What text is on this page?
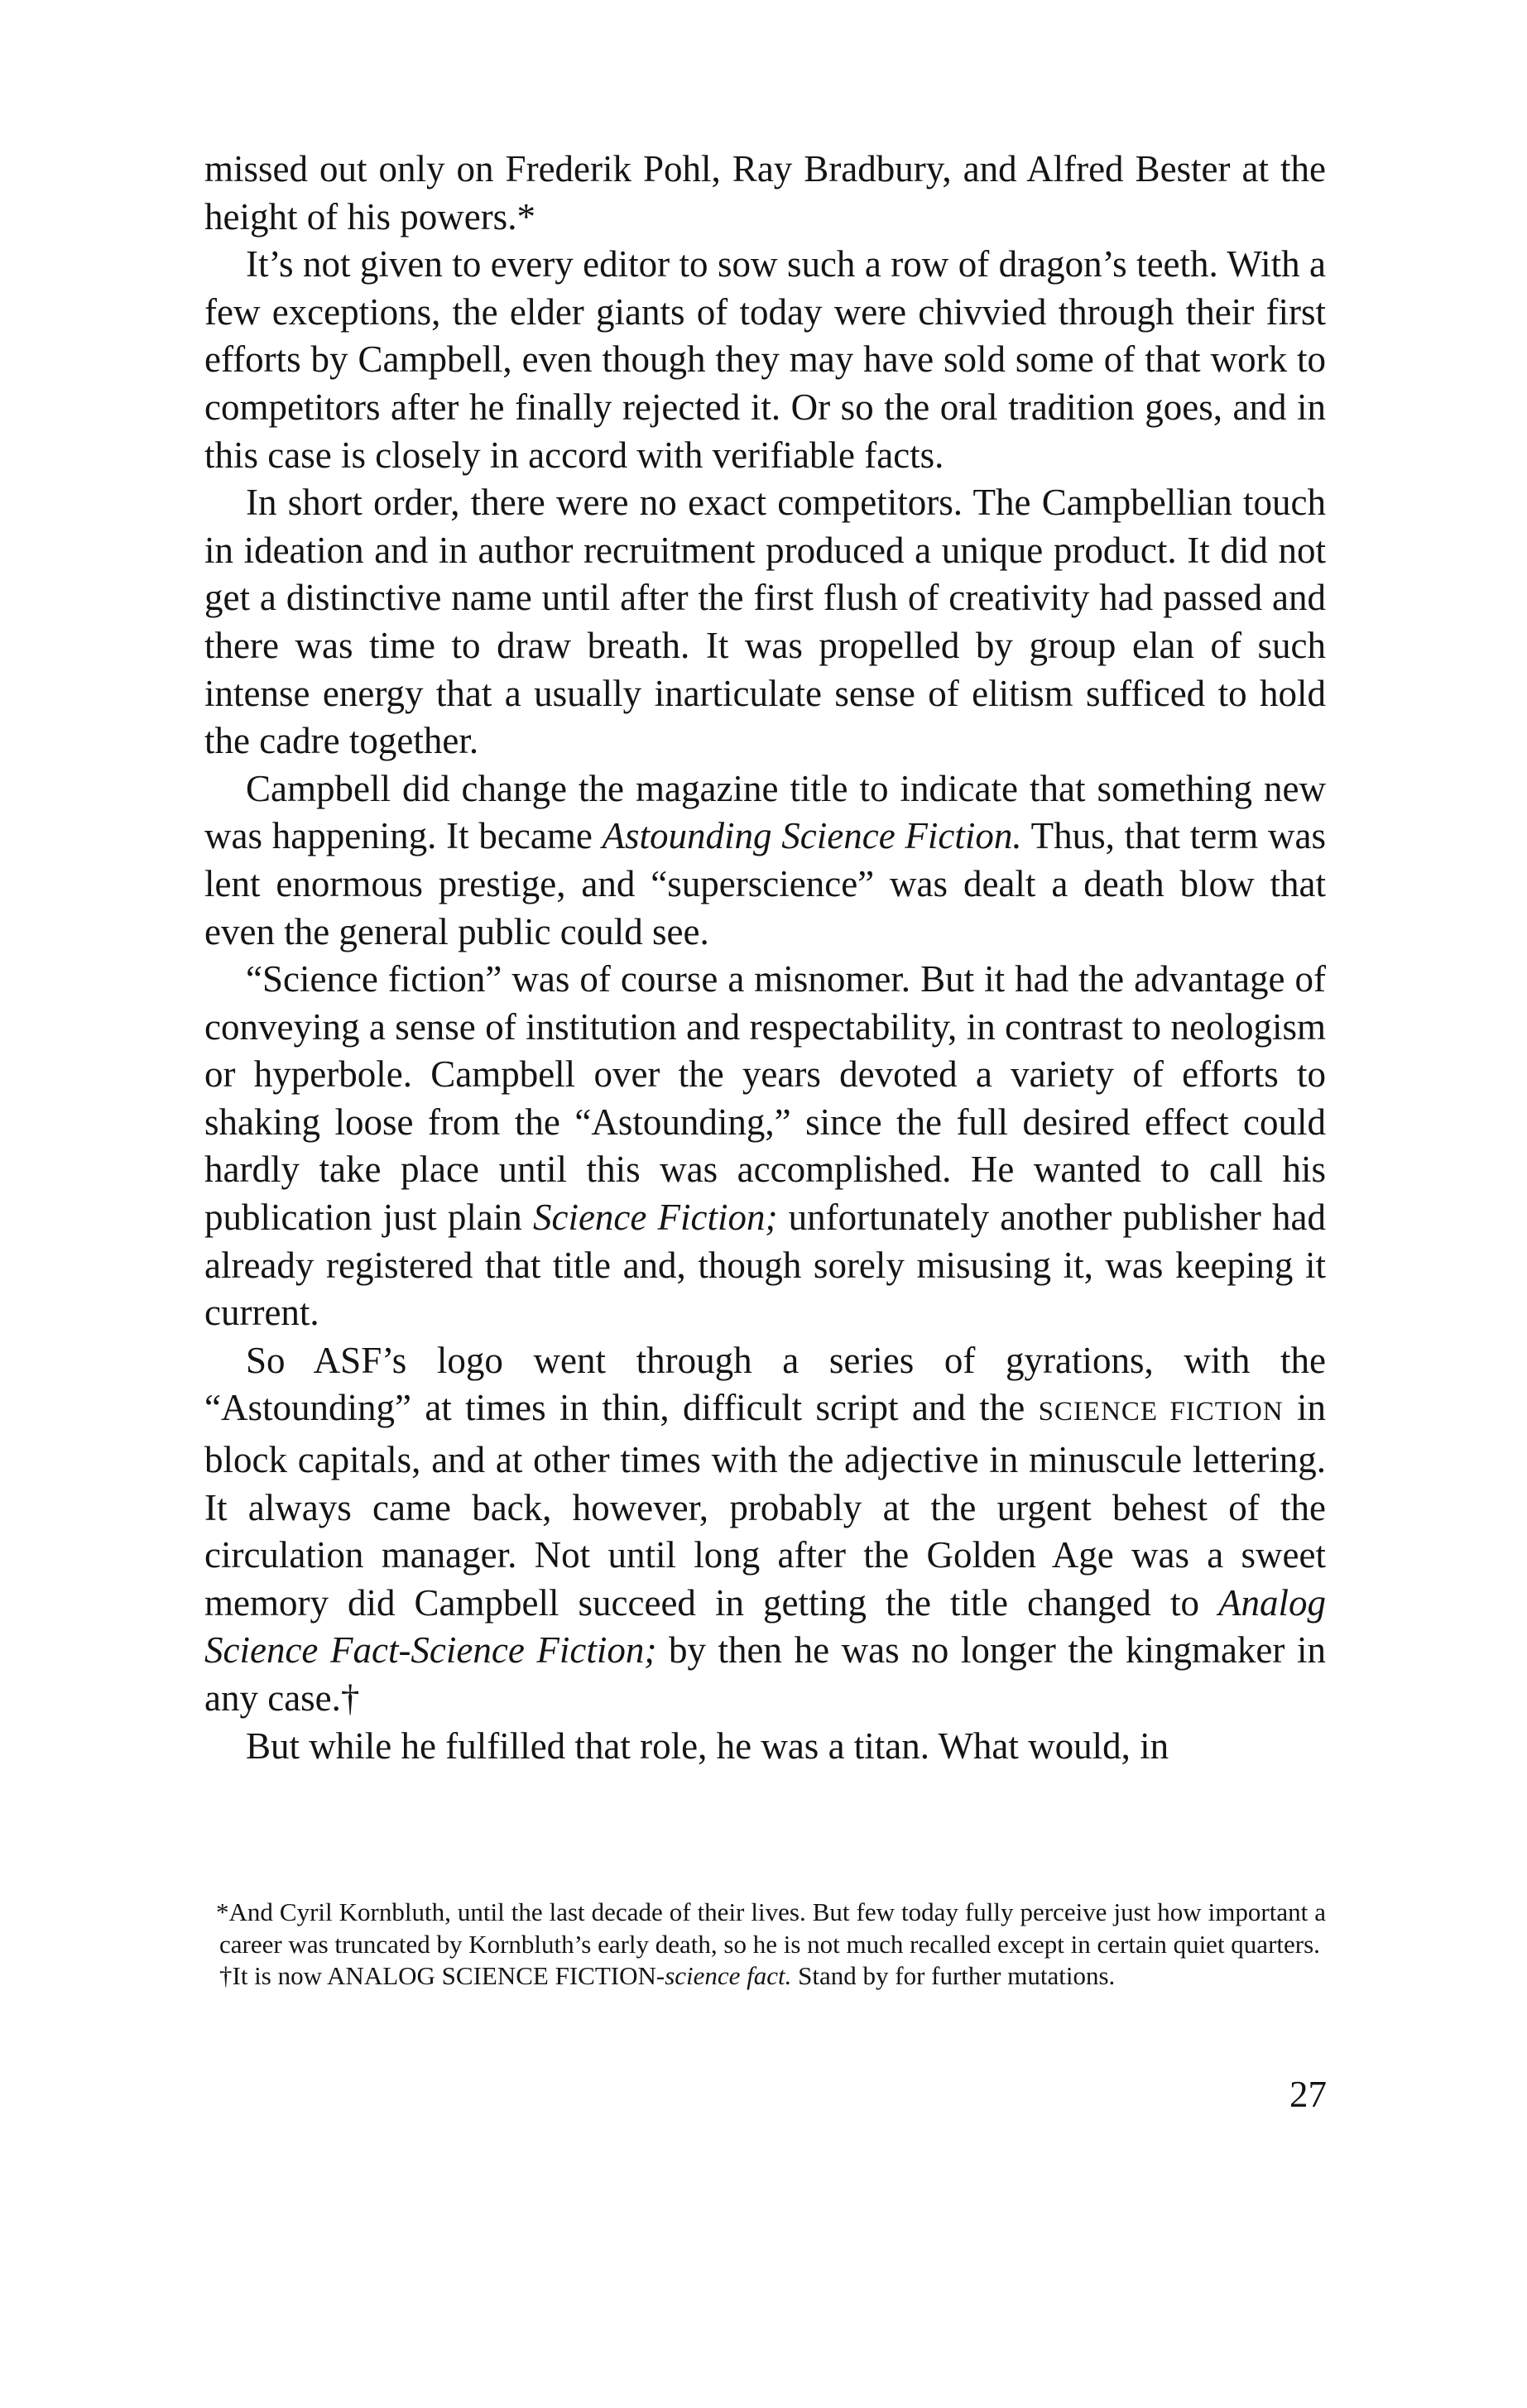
missed out only on Frederik Pohl, Ray Bradbury, and Alfred Bester at the height of his powers.*

It’s not given to every editor to sow such a row of dragon’s teeth. With a few exceptions, the elder giants of today were chivvied through their first efforts by Campbell, even though they may have sold some of that work to competitors after he finally rejected it. Or so the oral tradition goes, and in this case is closely in accord with verifiable facts.

In short order, there were no exact competitors. The Campbellian touch in ideation and in author recruitment produced a unique product. It did not get a distinctive name until after the first flush of creativity had passed and there was time to draw breath. It was propelled by group elan of such intense energy that a usually inarticulate sense of elitism sufficed to hold the cadre together.

Campbell did change the magazine title to indicate that something new was happening. It became Astounding Science Fiction. Thus, that term was lent enormous prestige, and “superscience” was dealt a death blow that even the general public could see.

“Science fiction” was of course a misnomer. But it had the advantage of conveying a sense of institution and respectability, in contrast to neologism or hyperbole. Campbell over the years devoted a variety of efforts to shaking loose from the “Astounding,” since the full desired effect could hardly take place until this was accomplished. He wanted to call his publication just plain Science Fiction; unfortunately another publisher had already registered that title and, though sorely misusing it, was keeping it current.

So ASF’s logo went through a series of gyrations, with the “Astounding” at times in thin, difficult script and the SCIENCE FICTION in block capitals, and at other times with the adjective in minuscule lettering. It always came back, however, probably at the urgent behest of the circulation manager. Not until long after the Golden Age was a sweet memory did Campbell succeed in getting the title changed to Analog Science Fact-Science Fiction; by then he was no longer the kingmaker in any case.†

But while he fulfilled that role, he was a titan. What would, in

*And Cyril Kornbluth, until the last decade of their lives. But few today fully perceive just how important a career was truncated by Kornbluth’s early death, so he is not much recalled except in certain quiet quarters.

†It is now ANALOG SCIENCE FICTION-science fact. Stand by for further mutations.

27
